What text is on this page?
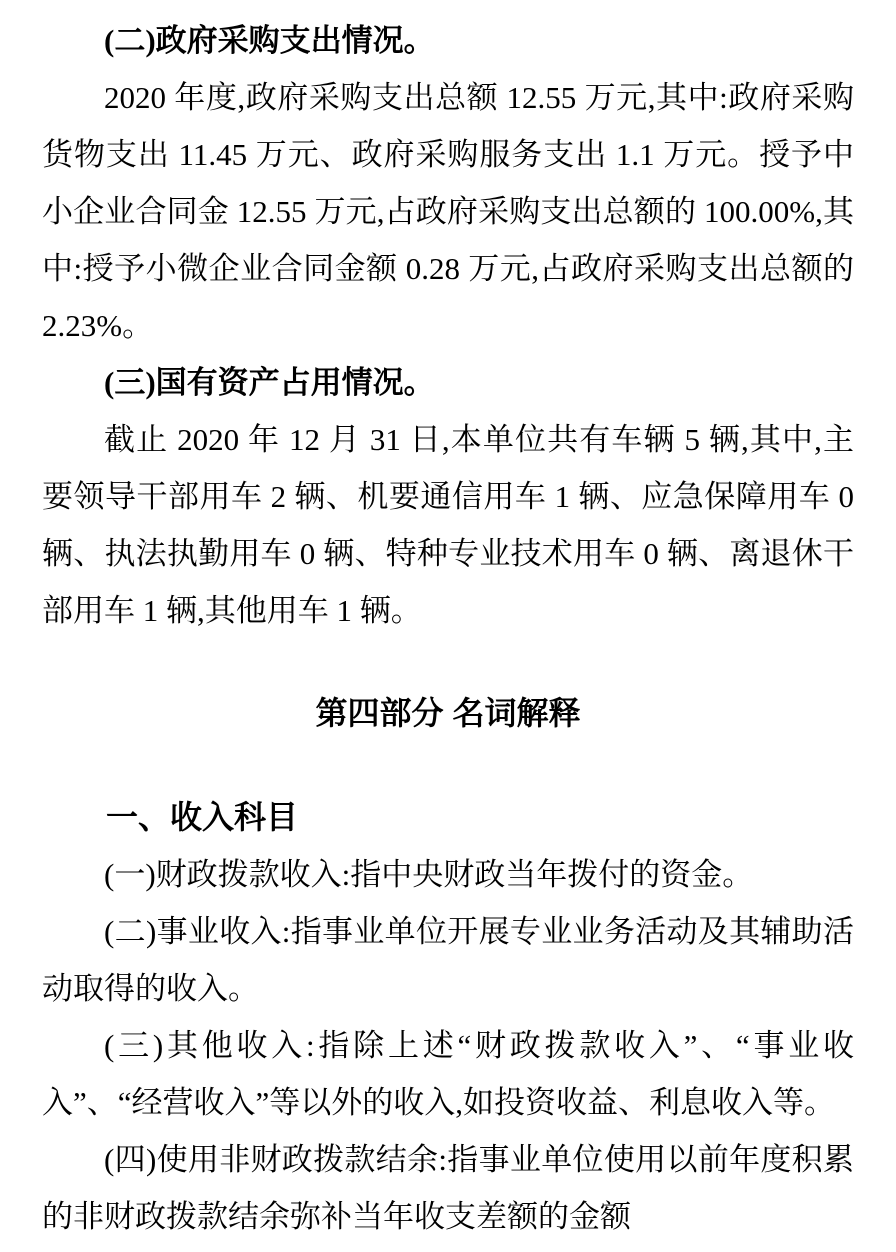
(二)政府采购支出情况。

2020 年度,政府采购支出总额 12.55 万元,其中:政府采购货物支出 11.45 万元、政府采购服务支出 1.1 万元。授予中小企业合同金 12.55 万元,占政府采购支出总额的 100.00%,其中:授予小微企业合同金额 0.28 万元,占政府采购支出总额的 2.23%。

(三)国有资产占用情况。

截止 2020 年 12 月 31 日,本单位共有车辆 5 辆,其中,主要领导干部用车 2 辆、机要通信用车 1 辆、应急保障用车 0 辆、执法执勤用车 0 辆、特种专业技术用车 0 辆、离退休干部用车 1 辆,其他用车 1 辆。

第四部分 名词解释
一、收入科目

(一)财政拨款收入:指中央财政当年拨付的资金。

(二)事业收入:指事业单位开展专业业务活动及其辅助活动取得的收入。

(三)其他收入:指除上述“财政拨款收入”、“事业收入”、“经营收入”等以外的收入,如投资收益、利息收入等。

(四)使用非财政拨款结余:指事业单位使用以前年度积累的非财政拨款结余弥补当年收支差额的金额
